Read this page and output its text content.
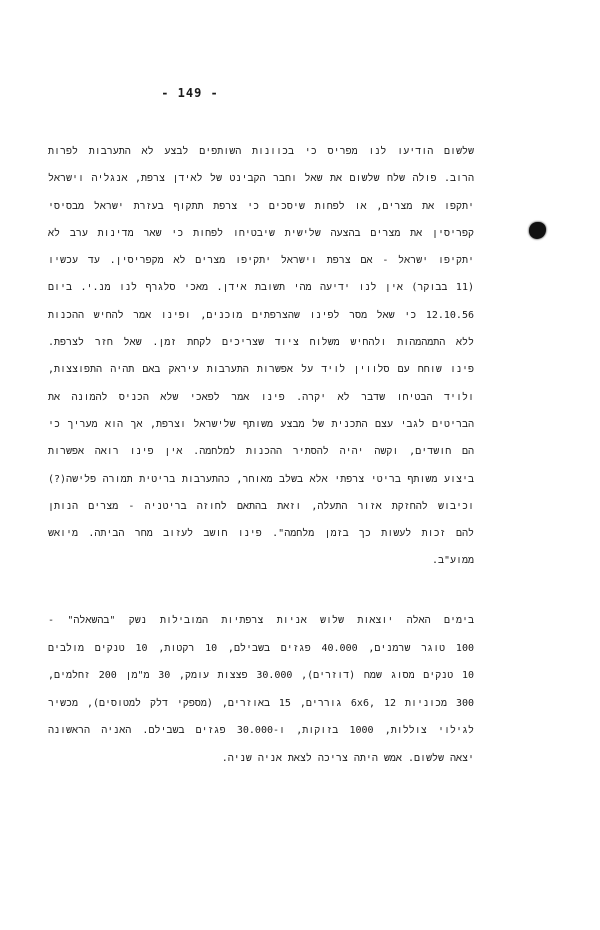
- 149 -
שלשום הודיעו לנו מפריס כי בכוונות השותפים לבצע לא התערבות לפרות
הרוב. פולה שלח שלשום את שאל וחבר הקבינט של לאידן צרפת, אנגליה וישראל
יתקפו את מצרים, או לפחות שיסכים כי צרפת תתקוף בעזרת ישראל מבסיסי
קפריסין את מצרים בהצעה שלישית שיבטיחו לפחות כי שאר מדינות ערב לא
יתקיפו ישראל - אם צרפת וישראל יתקיפו מצרים לא מקפריסין. עד עכשיו
(11 בבוקר) אין לנו ידיעה מהי תשובת אידן. מאכי סלגרף לנו מנ.י. ביום
12.10.56 כי שאל מסר לפינו שהצרפתים מוכנים, ופינו אמר להחיש ההכנות
ללא התמהמהות ולהחיש משלוח ציוד שצריכים לקחת זמן. שאל חזר לצרפת.
פינו שוחח עם סלווין לויד על אפשרות התערבות עיראק באם תהיה התפוצצות,
ולויד הבטיחו שדבר לא יקרה. פינו אמר לפאכי שלא הכניס להמונה את
הבריטים לגבי עצם התכנית של מבצע משותף שלישראל וצרפת, אך הוא מעריך כי
הם חושדים, וקשה יהיה להסתיר ההכנות למלחמה. אין פינו רואה אפשרות
ביצוע משותף בריטי צרפתי אלא בשלב מאוחר, כהתערבות בריטית תמורה פלישה(?)
וכיבוש להחזקת אזור התעלה, וזאת בהתאם לחוזה בריטניה - מצרים הנותן
להם זכות לעשות כך בזמן מלחמה". פינו חושב לעזוב מחר הביתה. מיואש
ממוע"ב.
בימים האלה יוצאות שלוש אניות צרפתיות המובילות נשק "בהשאלה" -
100 טוגר שרמנים, 40.000 פגזים בשבילם, 10 רקטות, 10 טנקים מולבים
10 טנקים מסוג שמח (דוזרים), 30.000 פצצות עומק, 30 מ"מן 200 זחלמים,
300 מכוניות 6x6, 12 גוררים, 15 באוזרים, (מספקי דלק למטוסים), מכשיר
לגילוי צוללות, 1000 בזוקות, ו-30.000 פגזים בשבילם. האניה הראשונה
יצאה שלשום. אמש היתה צריכה לצאת אניה שניה.
